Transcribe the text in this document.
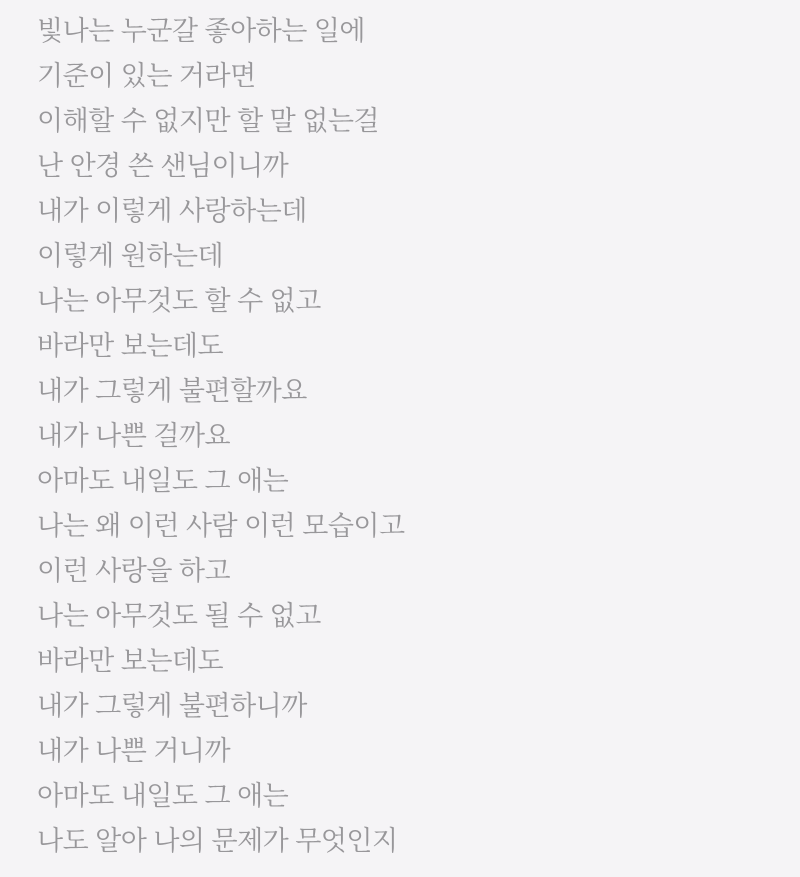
빛나는 누군갈 좋아하는 일에
기준이 있는 거라면
이해할 수 없지만 할 말 없는걸
난 안경 쓴 샌님이니까
내가 이렇게 사랑하는데
이렇게 원하는데
나는 아무것도 할 수 없고
바라만 보는데도
내가 그렇게 불편할까요
내가 나쁜 걸까요
아마도 내일도 그 애는
나는 왜 이런 사람 이런 모습이고
이런 사랑을 하고
나는 아무것도 될 수 없고
바라만 보는데도
내가 그렇게 불편하니까
내가 나쁜 거니까
아마도 내일도 그 애는
나도 알아 나의 문제가 무엇인지
